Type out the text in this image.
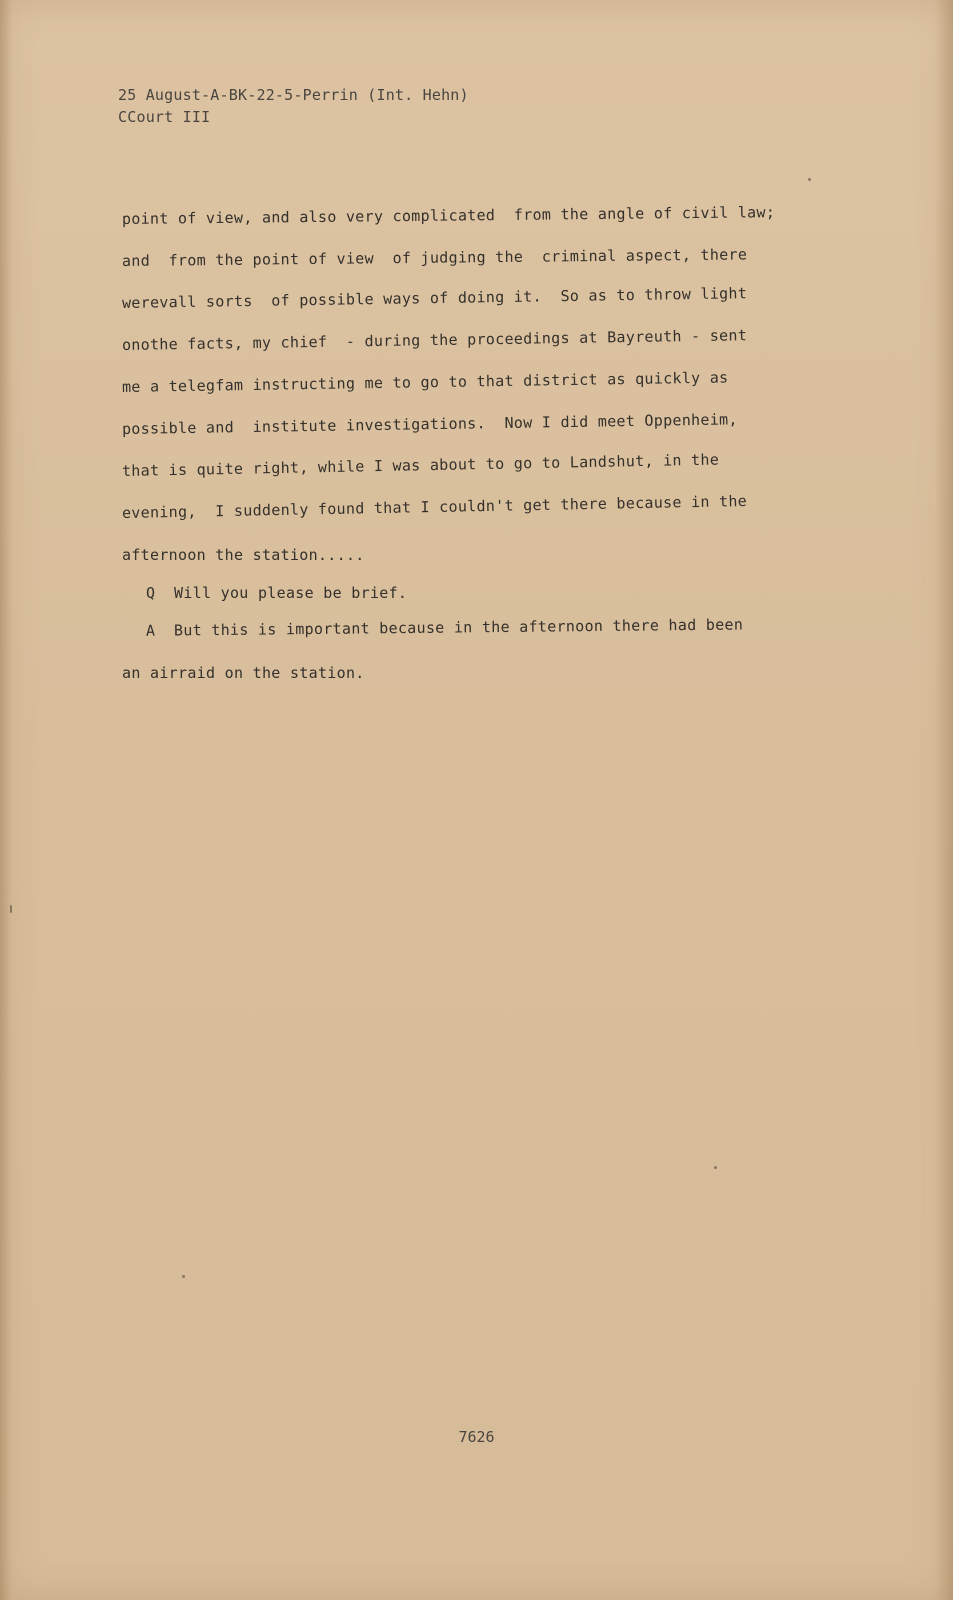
25 August-A-BK-22-5-Perrin (Int. Hehn)
CCourt III
point of view, and also very complicated  from the angle of civil law;
and  from the point of view  of judging the  criminal aspect, there
werevall sorts  of possible ways of doing it.  So as to throw light
onothe facts, my chief  - during the proceedings at Bayreuth - sent
me a telegfam instructing me to go to that district as quickly as
possible and  institute investigations.  Now I did meet Oppenheim,
that is quite right, while I was about to go to Landshut, in the
evening,  I suddenly found that I couldn't get there because in the
afternoon the station.....
Q  Will you please be brief.
A  But this is important because in the afternoon there had been
an airraid on the station.
7626
